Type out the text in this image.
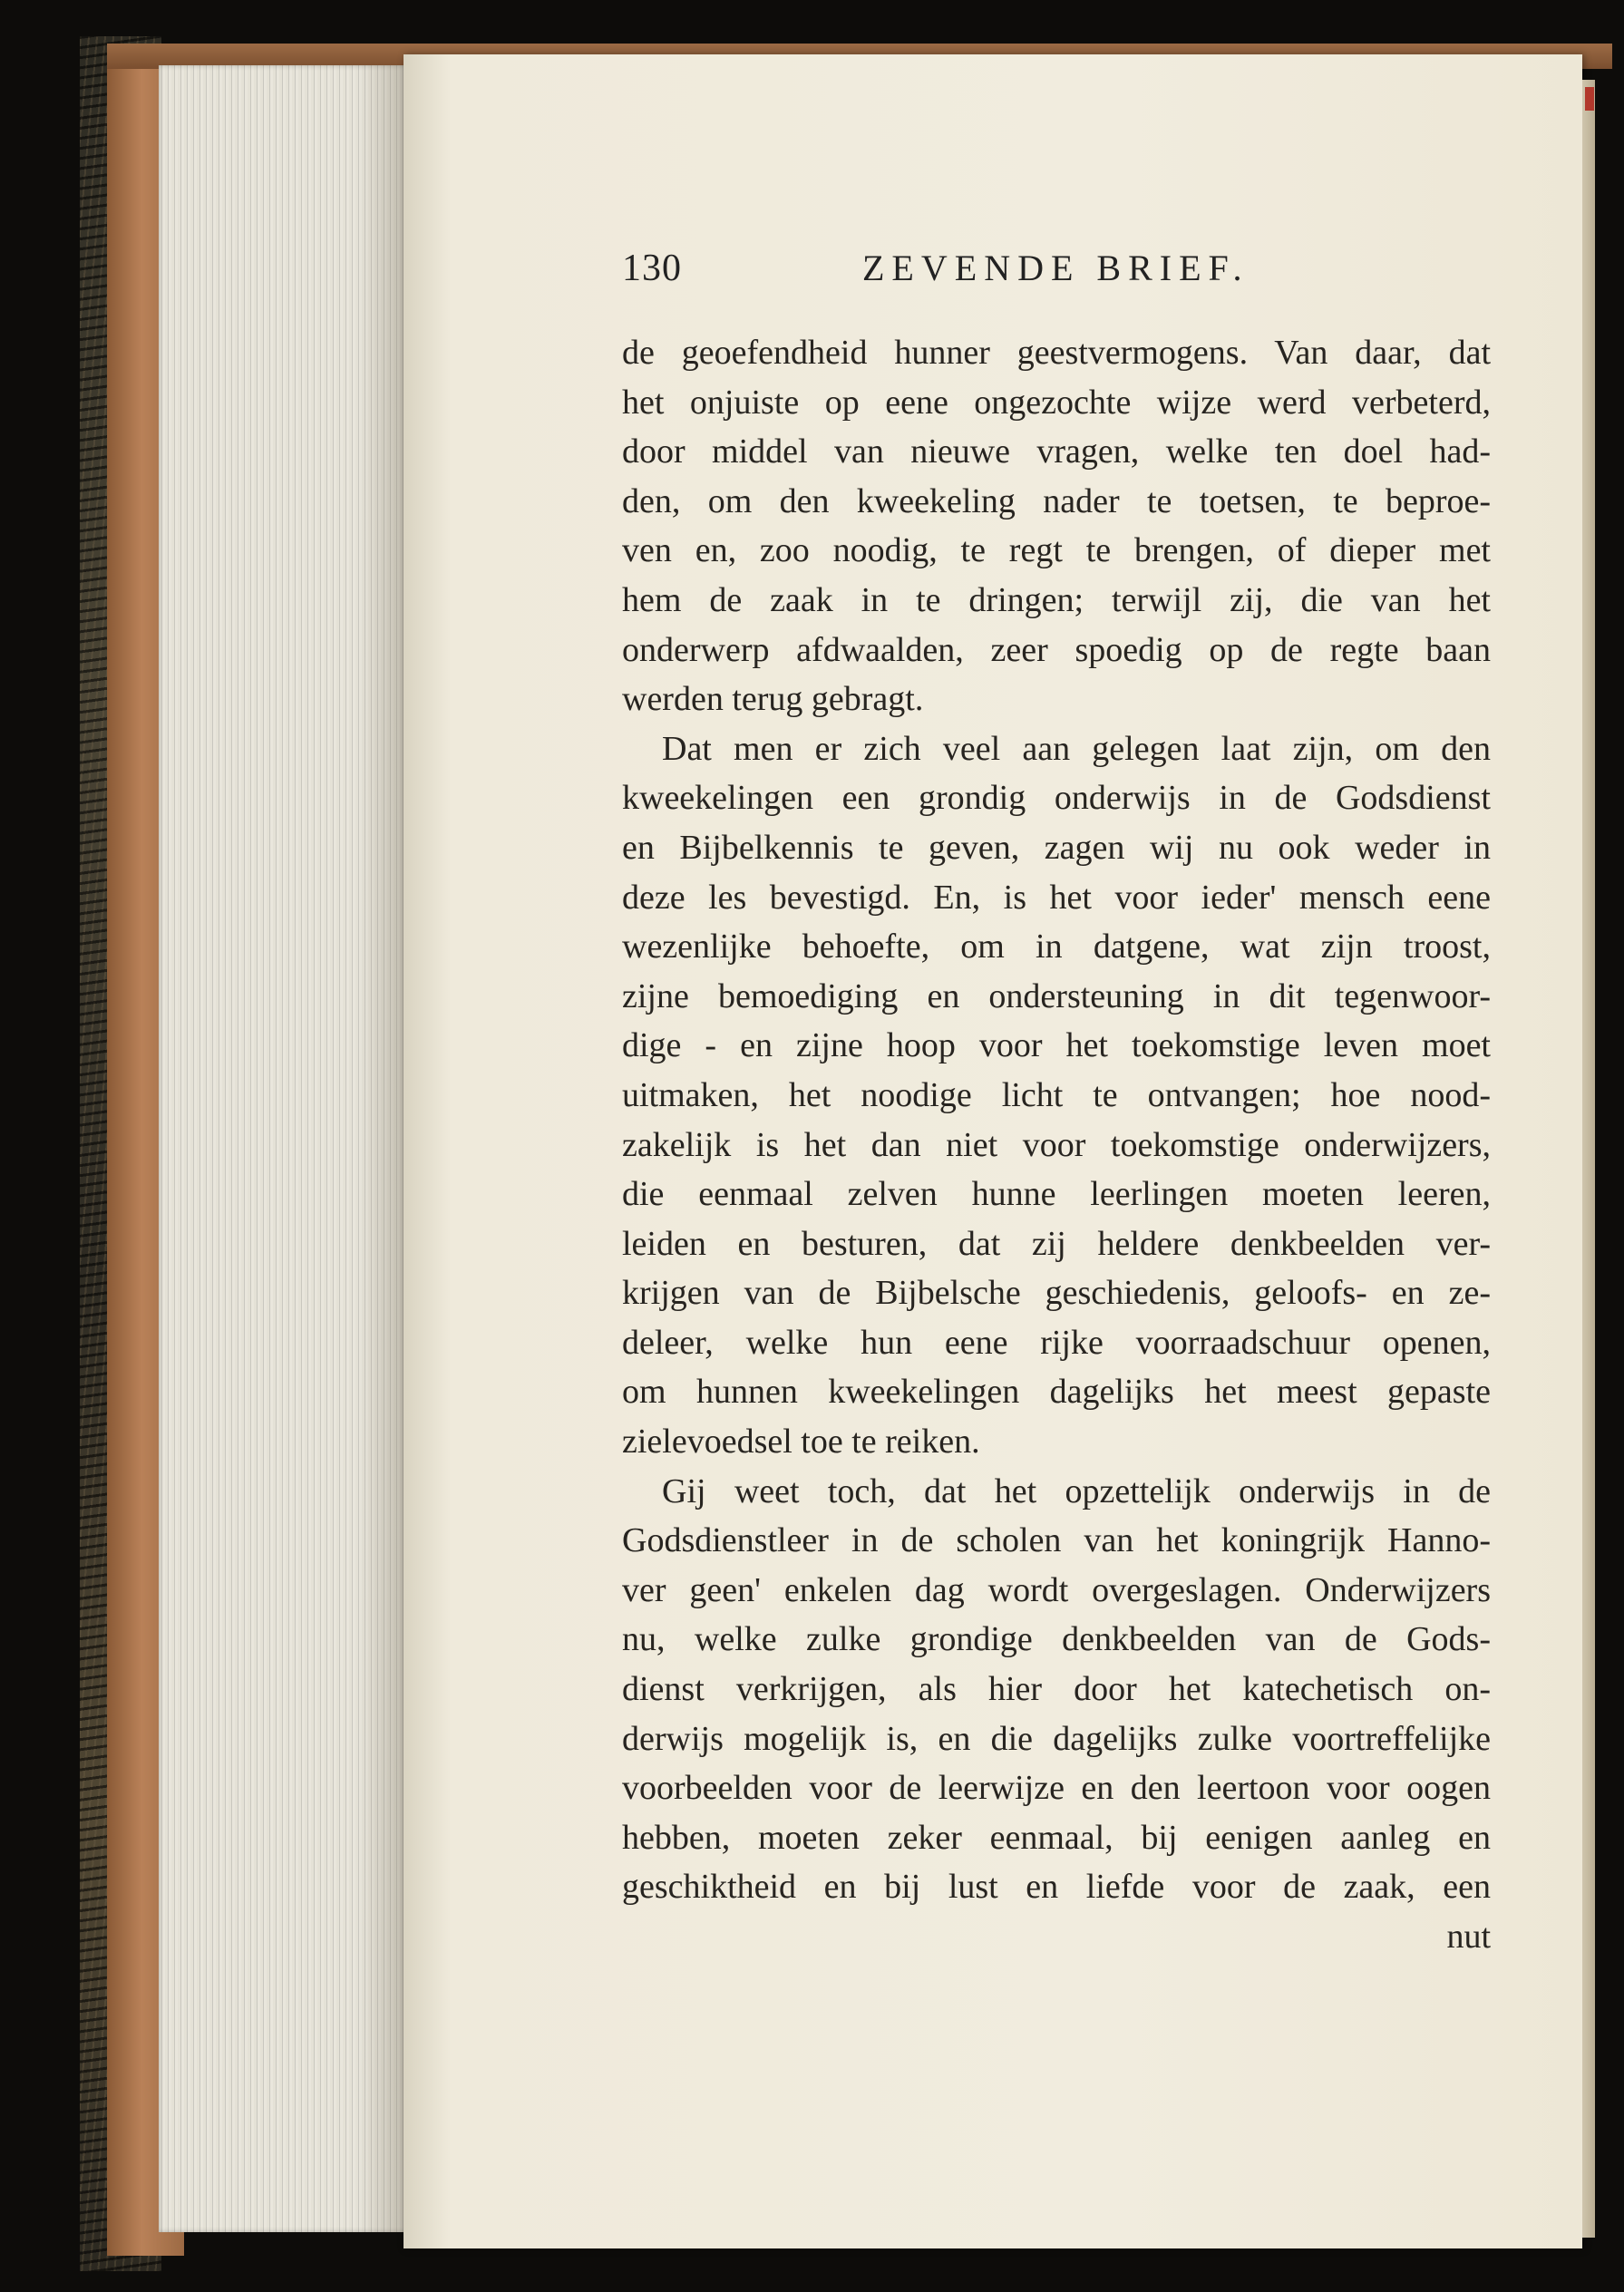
130	ZEVENDE BRIEF.
de geoefendheid hunner geestvermogens. Van daar, dat
het onjuiste op eene ongezochte wijze werd verbeterd,
door middel van nieuwe vragen, welke ten doel had-
den, om den kweekeling nader te toetsen, te beproe-
ven en, zoo noodig, te regt te brengen, of dieper met
hem de zaak in te dringen; terwijl zij, die van het
onderwerp afdwaalden, zeer spoedig op de regte baan
werden terug gebragt.
Dat men er zich veel aan gelegen laat zijn, om den
kweekelingen een grondig onderwijs in de Godsdienst
en Bijbelkennis te geven, zagen wij nu ook weder in
deze les bevestigd. En, is het voor ieder' mensch eene
wezenlijke behoefte, om in datgene, wat zijn troost,
zijne bemoediging en ondersteuning in dit tegenwoor-
dige - en zijne hoop voor het toekomstige leven moet
uitmaken, het noodige licht te ontvangen; hoe nood-
zakelijk is het dan niet voor toekomstige onderwijzers,
die eenmaal zelven hunne leerlingen moeten leeren,
leiden en besturen, dat zij heldere denkbeelden ver-
krijgen van de Bijbelsche geschiedenis, geloofs- en ze-
deleer, welke hun eene rijke voorraadschuur openen,
om hunnen kweekelingen dagelijks het meest gepaste
zielevoedsel toe te reiken.
Gij weet toch, dat het opzettelijk onderwijs in de
Godsdienstleer in de scholen van het koningrijk Hanno-
ver geen' enkelen dag wordt overgeslagen. Onderwijzers
nu, welke zulke grondige denkbeelden van de Gods-
dienst verkrijgen, als hier door het katechetisch on-
derwijs mogelijk is, en die dagelijks zulke voortreffelijke
voorbeelden voor de leerwijze en den leertoon voor oogen
hebben, moeten zeker eenmaal, bij eenigen aanleg en
geschiktheid en bij lust en liefde voor de zaak, een
nut
